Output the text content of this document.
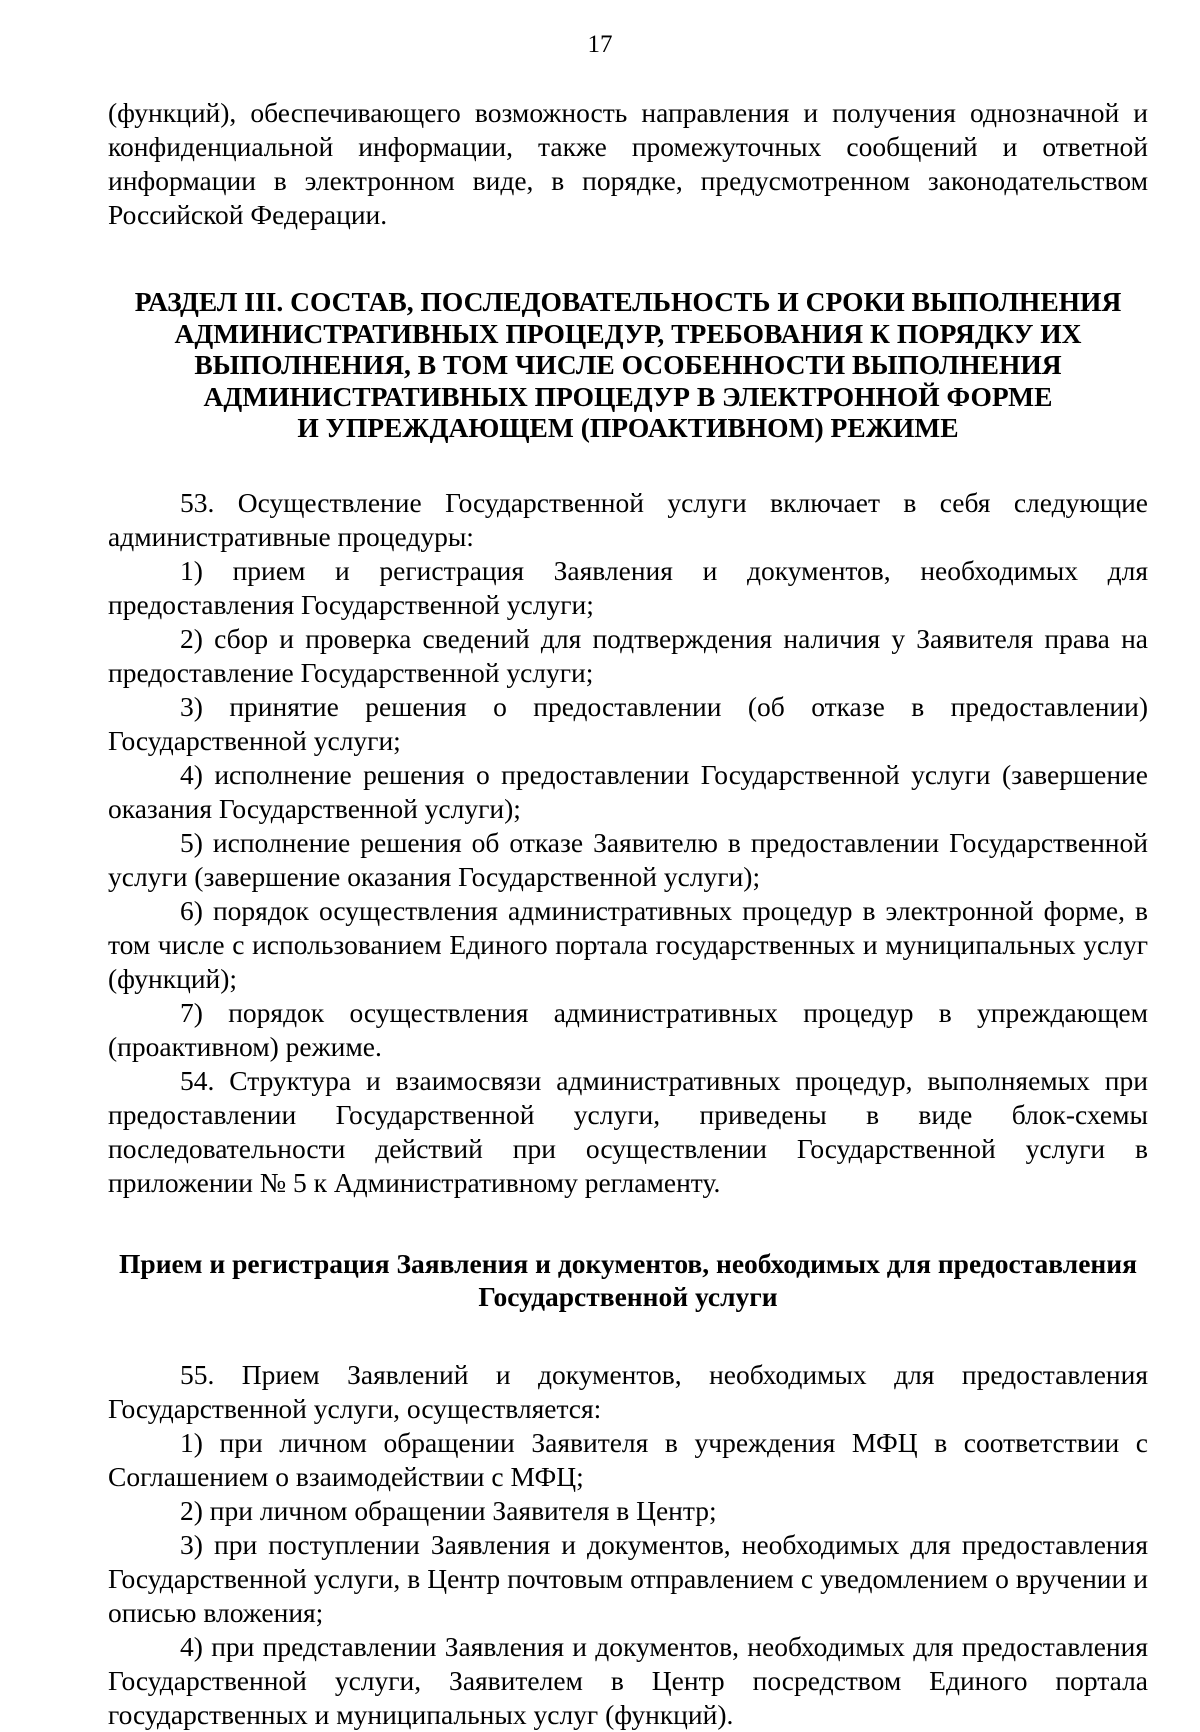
17

(функций), обеспечивающего возможность направления и получения однозначной и конфиденциальной информации, также промежуточных сообщений и ответной информации в электронном виде, в порядке, предусмотренном законодательством Российской Федерации.

РАЗДЕЛ III. СОСТАВ, ПОСЛЕДОВАТЕЛЬНОСТЬ И СРОКИ ВЫПОЛНЕНИЯ
АДМИНИСТРАТИВНЫХ ПРОЦЕДУР, ТРЕБОВАНИЯ К ПОРЯДКУ ИХ
ВЫПОЛНЕНИЯ, В ТОМ ЧИСЛЕ ОСОБЕННОСТИ ВЫПОЛНЕНИЯ
АДМИНИСТРАТИВНЫХ ПРОЦЕДУР В ЭЛЕКТРОННОЙ ФОРМЕ
И УПРЕЖДАЮЩЕМ (ПРОАКТИВНОМ) РЕЖИМЕ

53. Осуществление Государственной услуги включает в себя следующие административные процедуры:

1) прием и регистрация Заявления и документов, необходимых для предоставления Государственной услуги;

2) сбор и проверка сведений для подтверждения наличия у Заявителя права на предоставление Государственной услуги;

3) принятие решения о предоставлении (об отказе в предоставлении) Государственной услуги;

4) исполнение решения о предоставлении Государственной услуги (завершение оказания Государственной услуги);

5) исполнение решения об отказе Заявителю в предоставлении Государственной услуги (завершение оказания Государственной услуги);

6) порядок осуществления административных процедур в электронной форме, в том числе с использованием Единого портала государственных и муниципальных услуг (функций);

7) порядок осуществления административных процедур в упреждающем (проактивном) режиме.

54. Структура и взаимосвязи административных процедур, выполняемых при предоставлении Государственной услуги, приведены в виде блок-схемы последовательности действий при осуществлении Государственной услуги в приложении № 5 к Административному регламенту.

Прием и регистрация Заявления и документов, необходимых для предоставления
Государственной услуги

55. Прием Заявлений и документов, необходимых для предоставления Государственной услуги, осуществляется:

1) при личном обращении Заявителя в учреждения МФЦ в соответствии с Соглашением о взаимодействии с МФЦ;

2) при личном обращении Заявителя в Центр;

3) при поступлении Заявления и документов, необходимых для предоставления Государственной услуги, в Центр почтовым отправлением с уведомлением о вручении и описью вложения;

4) при представлении Заявления и документов, необходимых для предоставления Государственной услуги, Заявителем в Центр посредством Единого портала государственных и муниципальных услуг (функций).
